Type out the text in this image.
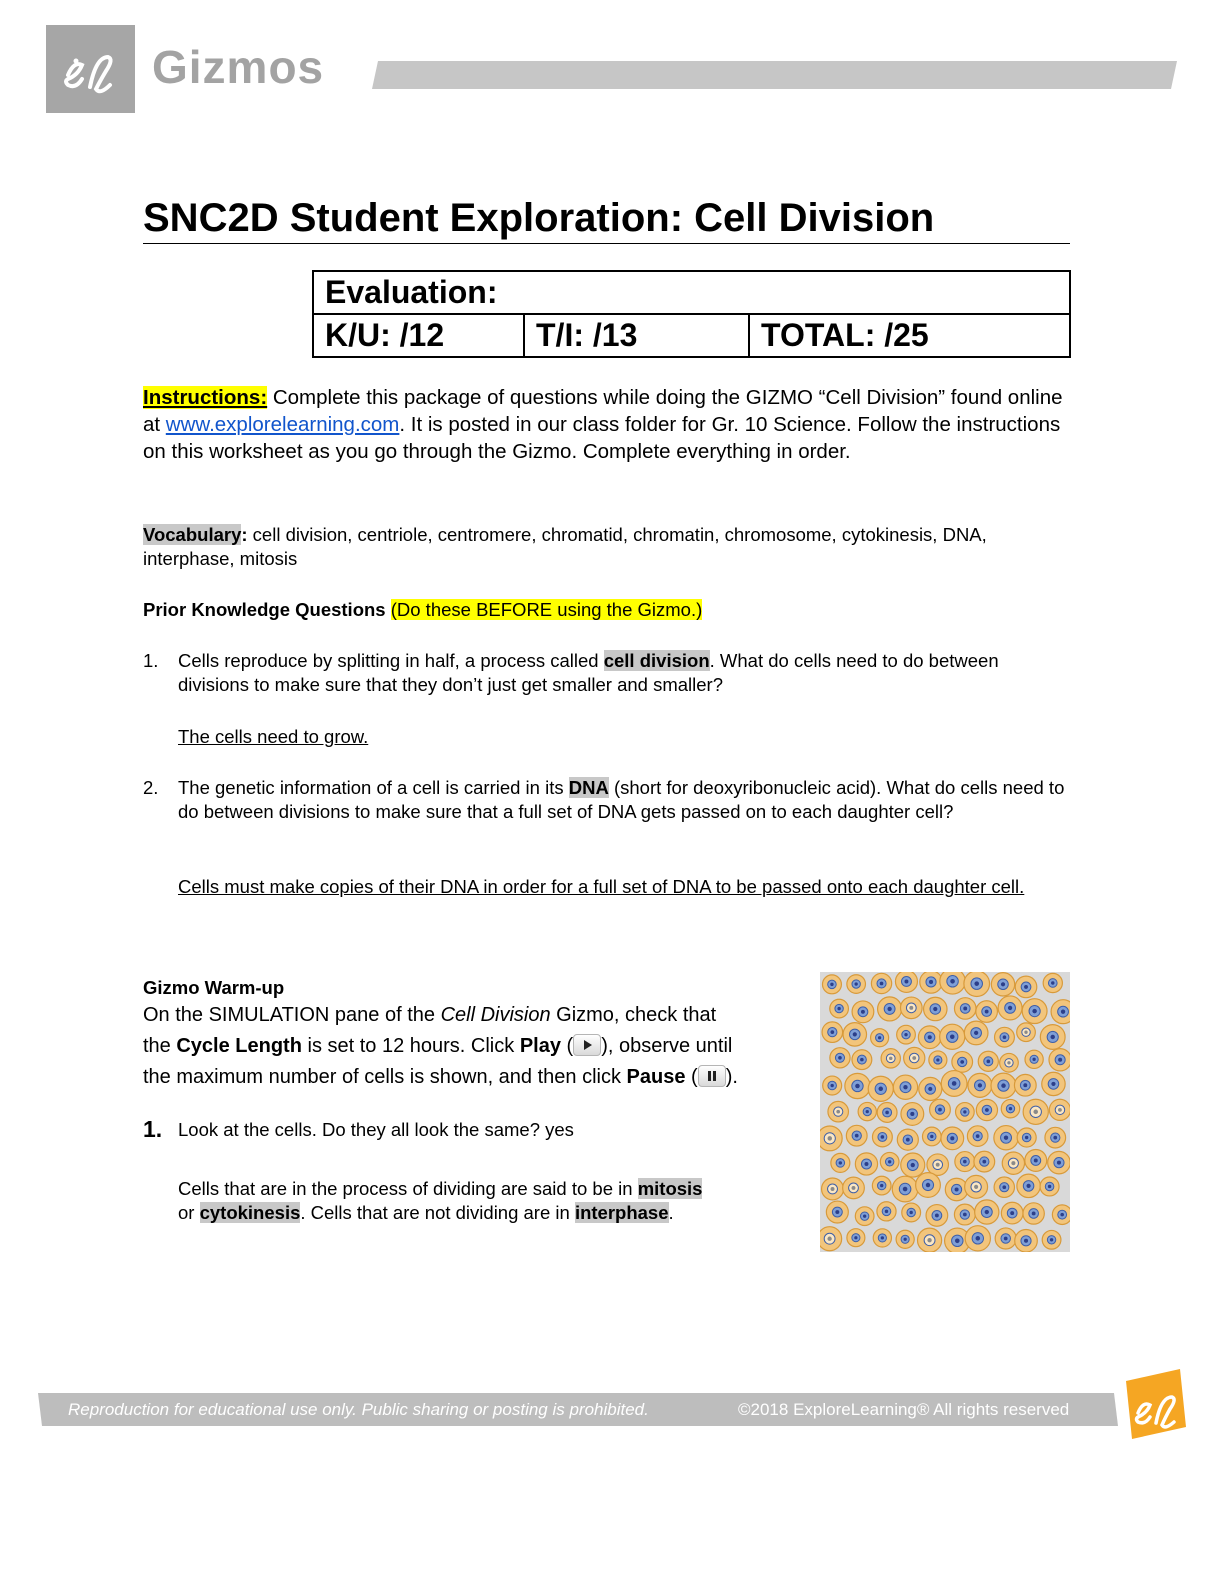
Gizmos
SNC2D Student Exploration: Cell Division
Evaluation:
K/U: /12	T/I: /13	TOTAL: /25
Instructions: Complete this package of questions while doing the GIZMO “Cell Division” found online at www.explorelearning.com. It is posted in our class folder for Gr. 10 Science. Follow the instructions on this worksheet as you go through the Gizmo. Complete everything in order.
Vocabulary: cell division, centriole, centromere, chromatid, chromatin, chromosome, cytokinesis, DNA, interphase, mitosis
Prior Knowledge Questions (Do these BEFORE using the Gizmo.)
1. Cells reproduce by splitting in half, a process called cell division. What do cells need to do between divisions to make sure that they don’t just get smaller and smaller?
The cells need to grow.
2. The genetic information of a cell is carried in its DNA (short for deoxyribonucleic acid). What do cells need to do between divisions to make sure that a full set of DNA gets passed on to each daughter cell?
Cells must make copies of their DNA in order for a full set of DNA to be passed onto each daughter cell.
Gizmo Warm-up
On the SIMULATION pane of the Cell Division Gizmo, check that
the Cycle Length is set to 12 hours. Click Play ( ), observe until
the maximum number of cells is shown, and then click Pause ( ).
1. Look at the cells. Do they all look the same? yes
Cells that are in the process of dividing are said to be in mitosis
or cytokinesis. Cells that are not dividing are in interphase.
Reproduction for educational use only. Public sharing or posting is prohibited.	©2018 ExploreLearning® All rights reserved
